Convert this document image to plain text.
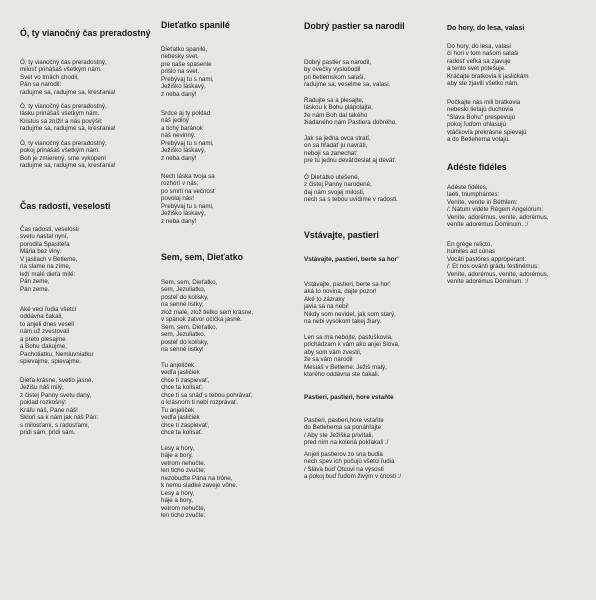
Ó, ty vianočný čas preradostný

Ó, ty vianočný čas preradostný,
milosť prinášaš všetkým nám.
Svet vo tmách chodil,
Pán sa narodil:
radujme sa, radujme sa, kresťania!

Ó, ty vianočný čas preradostný,
lásku prinášaš všetkým nám.
Kristus sa zníži! a nás povýšil:
radujme sa, radujme sa, kresťania!

Ó, ty vianočný čas preradostný,
pokoj prinášaš všetkým nám.
Boh je zmierený, sme vykúpení
radujme sa, radujme sa, kresťania!

Čas radosti, veselosti

Čas radosti, veselosti
svetu nastal nyní,
porodila Spasiteľa
Mária bez viny.
V jasliach v Betleme,
na slame na zíme,
leží malé dieťa milé:
Pán zeme,
Pán zeme.

Aké veci ľudia všetci
oddávna čakali,
to anjeli dnes veselí
nám už zvestovali
a preto plesajme
a Bohu ďakujme,
Pacholiatku, Nemluvniatku
spievajme, spievajme.

Dieťa krásne, svetlo jasné,
Ježišu náš milý,
z čistej Panny svetu daný,
poklad rozkošný:
Kráľu náš, Pane náš!
Skloň sa k nám jak náš Pán:
s milosťami, s radosťami,
pridi sám, pridi sám.

Dieťatko spanilé

Dieťatko spanilé,
nebesky svet,
pre naše spasenie
prišlo na svet.
Prebývaj tu s nami,
Ježiško láskavý,
z neba daný!

Srdce aj ty poklad
náš jediný
a tichý baránok
náš nevinný.
Prebývaj tu s nami,
Ježiško láskavý,
z neba daný!

Nech láska tvoja sa
rozhorí v nás;
po smrti na večnosť
povolaj nás!
Prebývaj tu s nami,
Ježiško láskavý,
z neba daný!

Sem, sem, Dieťatko

Sem, sem, Dieťatko,
sem, Jezuliatko,
posteľ do kolísky,
na senné listky;
zlož malé, zlož tielko sem krásne,
v spánok zatvor očička jasné.
Sem, sem, Dieťatko,
sem, Jezuliatko,
posteľ do kolísky,
na senné listky!

Tu anjelíček
vedľa jasličiek
chce ti zaspievať,
chce ta kolísať;
chce ti sa snáď s tebou pohrávať,
o krásnom ti nebi rozprávať.
Tu anjelíček
vedľa jasličiek
chce ti zaspievať,
chce ta kolísať.

Lesy a hory,
háje a bory,
vetrom nehučte,
len ticho zvučte;
nezobuďte Pána na tróne,
k nemu sladké zaveje vône.
Lesy a hory,
háje a bory,
vetrom nehučte,
len ticho zvučte.

Dobrý pastier sa narodil

Dobrý pastier sa narodil,
by ovečky vyslobodil
pri betlemskom salaši.
radujme sa, veselme sa, valasi.

Radujte sa a plesajte,
láskou k Bohu plápolajte,
že nám Boh dal takého
žiadaného nám Pastiera dobrého.

Jak sa jedna ovca stratí,
on sa hľadať ju navráti,
nebojí sa zanechať
pre tú jednu deväťdesiat aj deväť.

Ó Dieťatko utešené,
z čistej Panny narodené,
daj nám svojej milosti,
nech sa s tebou uvidíme v radosti.

Vstávajte, pastieri
Vstávajte, pastieri, berte sa hor'

Vstávajte, pastieri, berte sa hor'
aká to novina, dajte pozor!
Aké to zázraky
javia sa na nebi!
Nikdy som nevidel, jak som starý,
na nebi vysokom takej žiary.

Len sa ma nebojte, pastuškovia,
prichádzam k vám ako anjel Slova,
aby som vám zvestil,
že sa vám narodil
Mesiáš v Betleme: Ježiš malý,
ktorého oddávna ste čakali.

Pastieri, pastieri, hore vstaňte

Pastieri, pastieri,hore vstaňte
do Betlehema sa ponáhľajte
/ Aby ste Ježiška privítali,
pred ním na kolená pokľakali :/

Anjeli pastierov zo sna budia
nech spev ich počujú všetci ľudia
/ Sláva buď Otcovi na výsosti
a pokoj buď ľuďom živým v čnosti :/

Do hory, do lesa, valasi

Do hory, do lesa, valasi
čí hori v tom našom salaši
radosť veľká sa zjavuje
a tento svet potešuje.
Kráčajte bratkovia k jasličkám
aby ste zjavili všetko nám.

Počkajte nás mili bratkovia
nebeskí lietajú duchovia
"Sláva Bohu" prespevujú
pokoj ľuďom ohlasujú
vtáčkovia prekrásne spievajú
a do Betlehema volajú.

Adéste fidéles

Adéste fidéles,
laéti, triumphántes:
Veníte, veníte in Béthlem:
/: Nátum vidéte Régem Angelórum:
Veníte, adorémus, veníte, adorémus,
veníte adorémus Dóminum. :/

En grége relicto,
húmiles ad cúnas
Vocáti pastóres appróperant:
/: Et nos ovánti grádu festinémus:
Veníte, adorémus, veníte, adorémus,
veníte adorémus Dóminum. :/
